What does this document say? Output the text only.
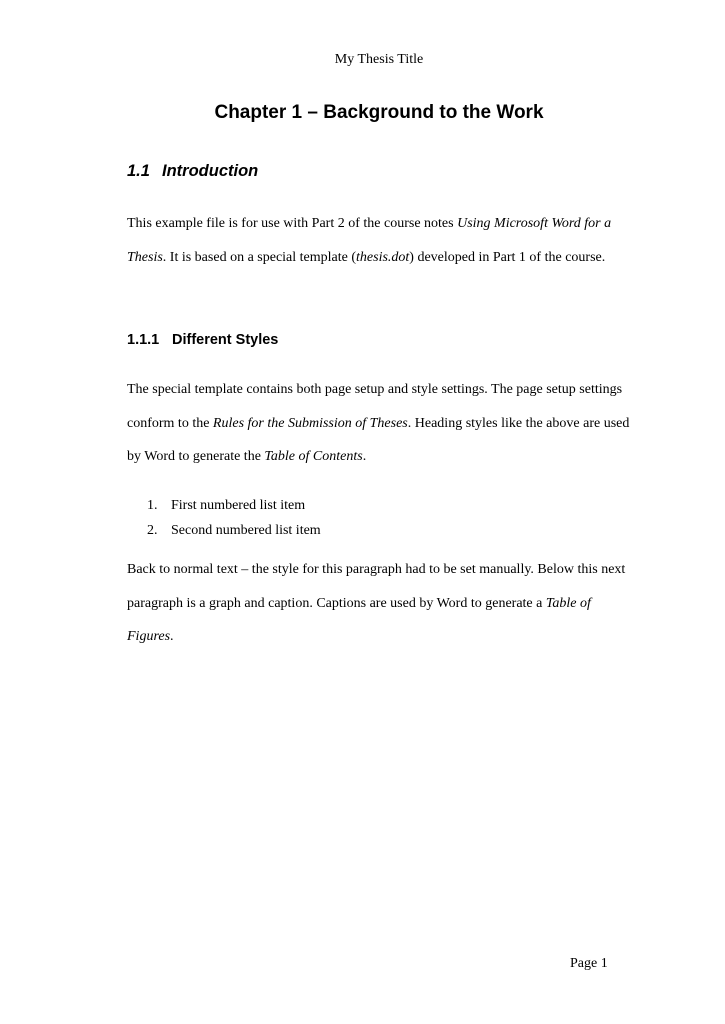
My Thesis Title
Chapter 1 – Background to the Work
1.1 Introduction

This example file is for use with Part 2 of the course notes Using Microsoft Word for a Thesis. It is based on a special template (thesis.dot) developed in Part 1 of the course.

1.1.1 Different Styles

The special template contains both page setup and style settings. The page setup settings conform to the Rules for the Submission of Theses. Heading styles like the above are used by Word to generate the Table of Contents.

1. First numbered list item
2. Second numbered list item

Back to normal text – the style for this paragraph had to be set manually. Below this next paragraph is a graph and caption. Captions are used by Word to generate a Table of Figures.

Page 1
